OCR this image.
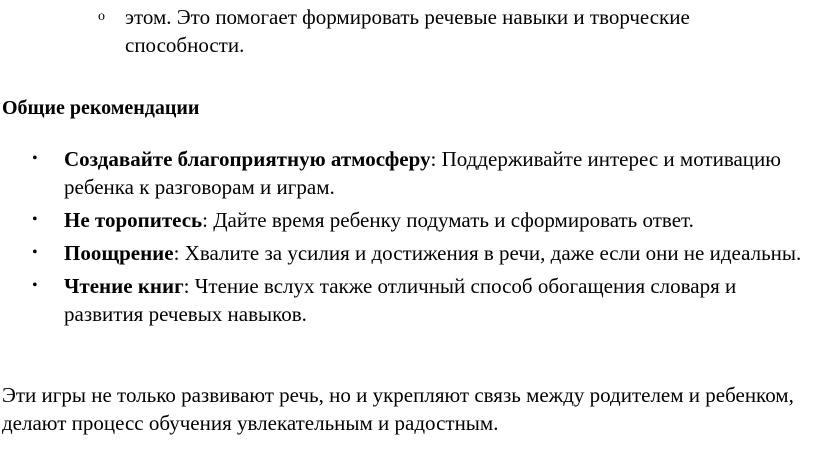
o этом. Это помогает формировать речевые навыки и творческие способности.
Общие рекомендации
• Создавайте благоприятную атмосферу: Поддерживайте интерес и мотивацию ребенка к разговорам и играм.
• Не торопитесь: Дайте время ребенку подумать и сформировать ответ.
• Поощрение: Хвалите за усилия и достижения в речи, даже если они не идеальны.
• Чтение книг: Чтение вслух также отличный способ обогащения словаря и развития речевых навыков.

Эти игры не только развивают речь, но и укрепляют связь между родителем и ребенком, делают процесс обучения увлекательным и радостным.
